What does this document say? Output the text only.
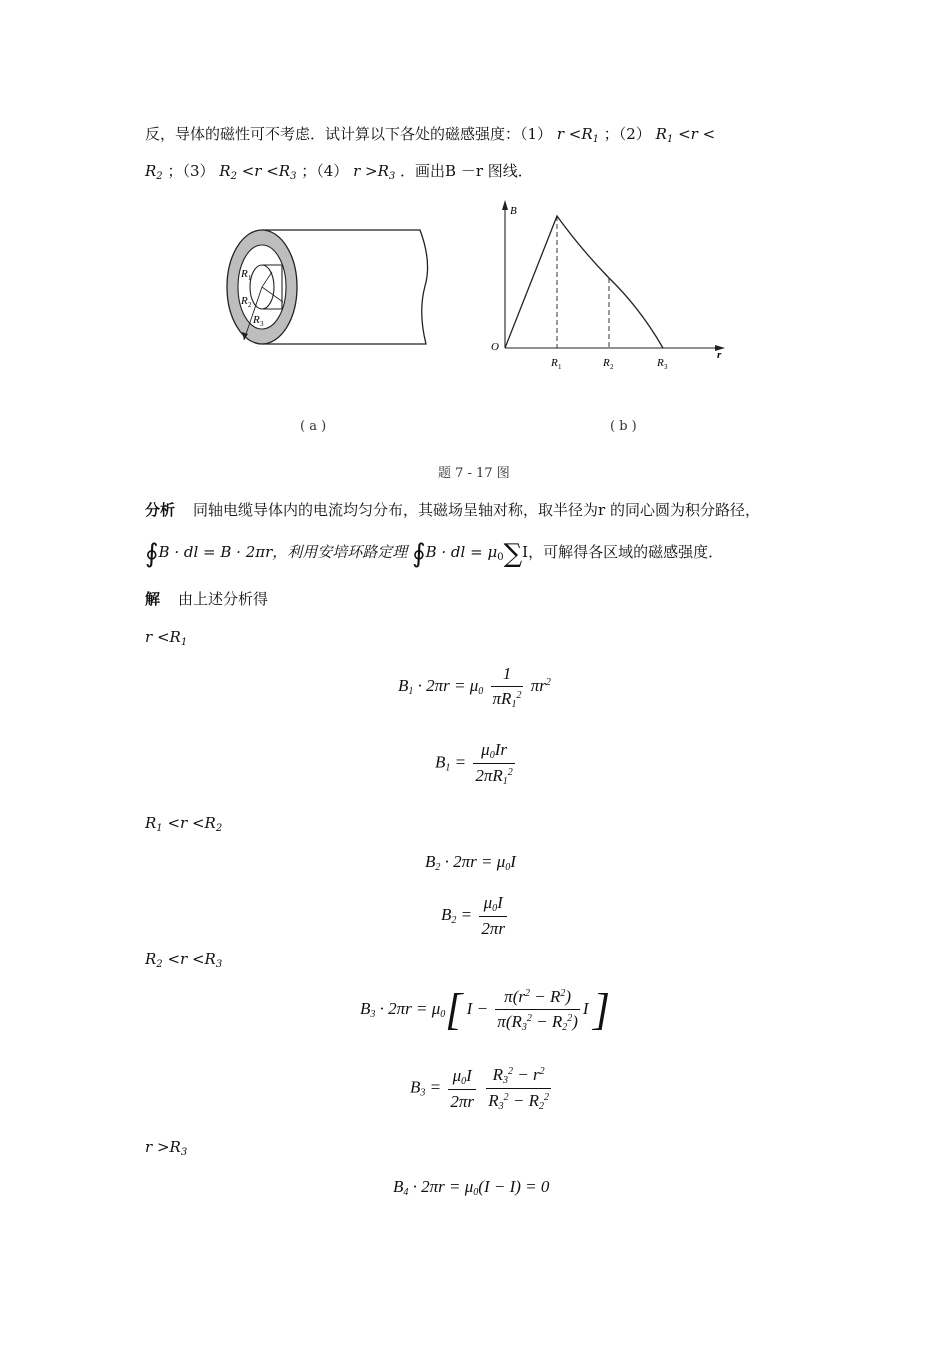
反，导体的磁性可不考虑．试计算以下各处的磁感强度：（1） $r <R_1$ ；（2） $R_1 <r$ <
$R_2$ ；（3） $R_2 <r <R_3$ ；（4） $r >R_3$ ．画出B －r 图线．
R 1
R 2
R 3
B
r
O
R 1	R 2	R 3
( a )	( b )
题 7 - 17 图
分析 同轴电缆导体内的电流均匀分布，其磁场呈轴对称，取半径为r 的同心圆为积分路径，
∮B · dl = B · 2πr，利用安培环路定理 ∮B · dl = $\mu_0\sum I$，可解得各区域的磁感强度．
解 由上述分析得
$r <R_1$
$B_1 \cdot 2\pi r = \mu_0 \frac{1}{\pi R_1^2} \pi r^2$
$B_1 = \frac{\mu_0Ir}{2\pi R_1^2}$
$R_1 <r <R_2$
$B_2 \cdot 2\pi r = \mu_0I$
$B_2 = \frac{\mu_0I}{2\pi r}$
$R_2 <r <R_3$
$B_3 \cdot 2\pi r = \mu_0$[ $I - \frac{\pi(r^2 - R^2)}{\pi(R_3^2 - R_2^2)}$ I ]
$B_3 = \frac{\mu_0I}{2\pi r}$
$\frac{R_3^2 - r^2}{R_3^2 - R_2^2}$
$r >R_3$
$B_4 \cdot 2\pi r = \mu_0(I - I) = 0$
